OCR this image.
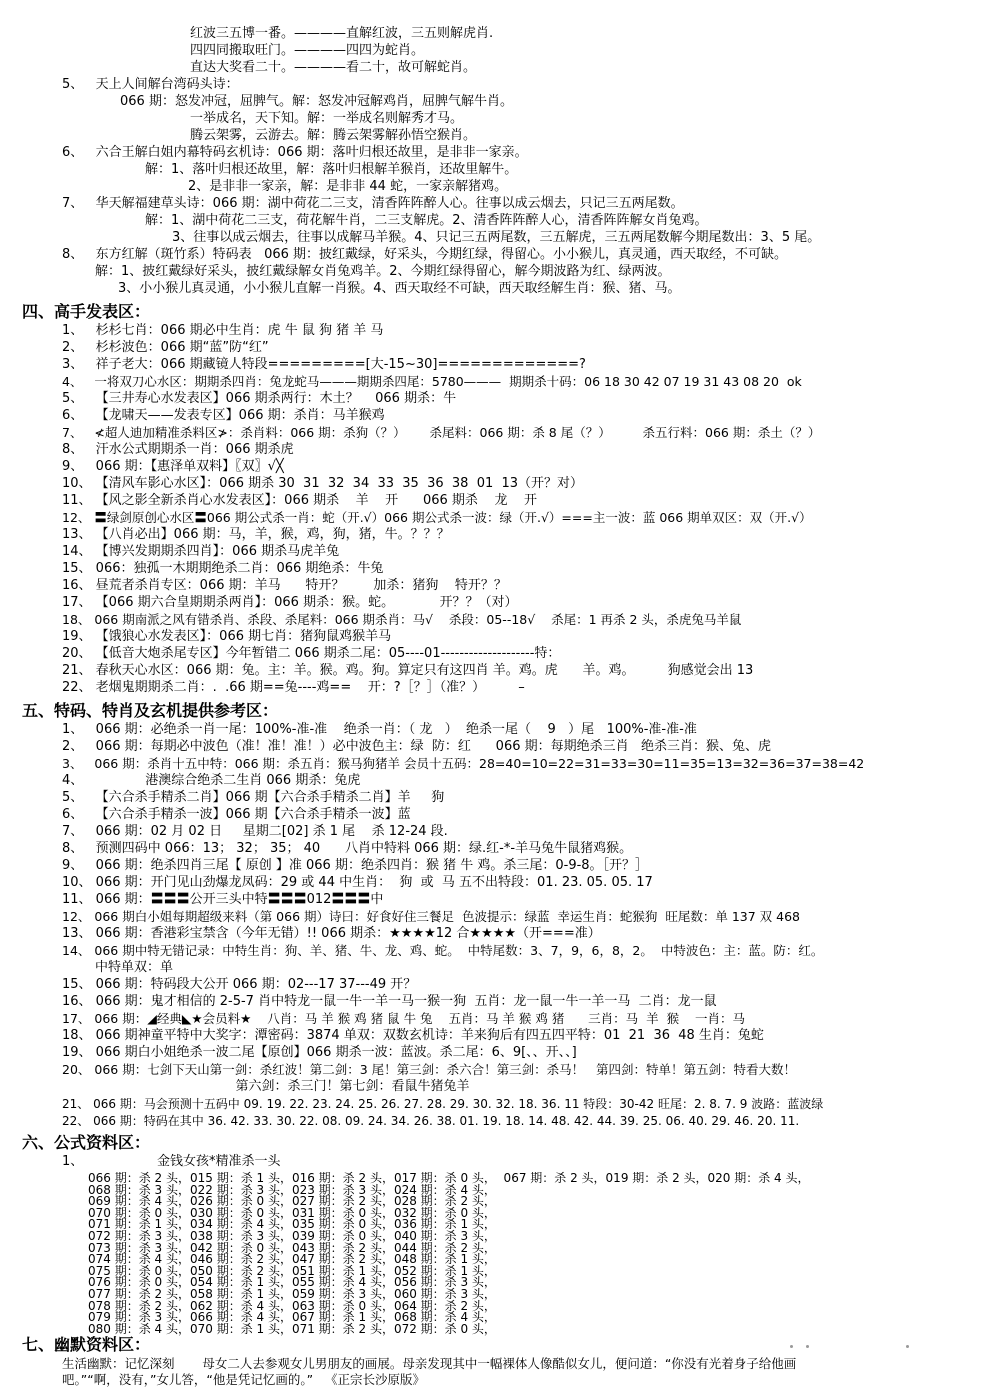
红波三五博一番。————直解红波，三五则解虎肖.
四四同搬取旺门。————四四为蛇肖。
直达大奖看二十。————看二十，故可解蛇肖。
5、   天上人间解台湾码头诗：
066 期：怒发冲冠，屈脾气。解：怒发冲冠解鸡肖，屈脾气解牛肖。
一举成名，天下知。解：一举成名则解秀才马。
腾云架雾，云游去。解：腾云架雾解孙悟空猴肖。
6、   六合王解白姐内幕特码玄机诗：066 期：落叶归根还故里，是非非一家亲。
解：1、落叶归根还故里，解：落叶归根解羊猴肖，还故里解牛。
2、是非非一家亲，解：是非非 44 蛇，一家亲解猪鸡。
7、   华天解福建草头诗：066 期：湖中荷花二三支，清香阵阵醉人心。往事以成云烟去，只记三五两尾数。
解：1、湖中荷花二三支，荷花解牛肖，二三支解虎。2、清香阵阵醉人心，清香阵阵解女肖兔鸡。
3、往事以成云烟去，往事以成解马羊猴。4、只记三五两尾数，三五解虎，三五两尾数解今期尾数出：3、5 尾。
8、   东方红解（斑竹系）特码表   066 期：披红戴绿，好采头，今期红绿，得留心。小小猴儿，真灵通，西天取经，不可缺。
解：1、披红戴绿好采头，披红戴绿解女肖兔鸡羊。2、今期红绿得留心，解今期波路为红、绿两波。
3、小小猴儿真灵通，小小猴儿直解一肖猴。4、西天取经不可缺，西天取经解生肖：猴、猪、马。
四、高手发表区：
1、   杉杉七肖：066 期必中生肖：虎 牛 鼠 狗 猪 羊 马
2、   杉杉波色：066 期“蓝”防“红”
3、   祥子老大：066 期藏镜人特段=========[大-15~30]=============?
4、   一将双刀心水区：期期杀四肖：兔龙蛇马———期期杀四尾：5780———  期期杀十码：06 18 30 42 07 19 31 43 08 20  ok
5、   【三井寿心水发表区】066 期杀两行：木土？    066 期杀：牛
6、   【龙啸天——发表专区】066 期：杀肖：马羊猴鸡
7、   ≮超人迪加精准杀料区≯：杀肖料：066 期：杀狗（？）      杀尾料：066 期：杀 8 尾（？）        杀五行料：066 期：杀土（？）
8、   汗水公式期期杀一肖：066 期杀虎
9、   066 期：【惠泽单双料】〖双〗√╳
10、 【清风车影心水区】：066 期杀 30  31  32  34  33  35  36  38  01  13（开？对）
11、 【风之影全新杀肖心水发表区】：066 期杀    羊    开      066 期杀    龙    开
12、 〓绿剑原创心水区〓066 期公式杀一肖：蛇（开.√）066 期公式杀一波：绿（开.√）===主一波：蓝 066 期单双区：双（开.√）
13、 【八肖必出】066 期：马，羊，猴，鸡，狗，猪，牛。？？？
14、 【博兴发期期杀四肖】：066 期杀马虎羊兔
15、 066：独孤一木期期绝杀二肖：066 期绝杀：牛兔
16、 昼荒者杀肖专区：066 期：羊马      特开？       加杀：猪狗    特开？？
17、 【066 期六合皇期期杀两肖】：066 期杀：猴。蛇。           开？？（对）
18、 066 期南派之风有错杀肖、杀段、杀尾料：066 期杀肖：马√    杀段：05--18√    杀尾：1 再杀 2 头，杀虎兔马羊鼠
19、 【饿狼心水发表区】：066 期七肖：猪狗鼠鸡猴羊马
20、 【低音大炮杀尾专区】今年暂错二 066 期杀二尾：05----01--------------------特：
21、 春秋天心水区：066 期：兔。主：羊。猴。鸡。狗。算定只有这四肖 羊。鸡。虎      羊。鸡。        狗感觉会出 13
22、 老烟鬼期期杀二肖：.  .66 期==兔----鸡==    开：?［？］（准？）        –
五、特码、特肖及玄机提供参考区：
1、   066 期：必绝杀一肖一尾：100%-准-准    绝杀一肖：（ 龙   ）  绝杀一尾（    9   ）尾   100%-准-准-准
2、   066 期：每期必中波色（准！准！准！）必中波色主：绿  防：红      066 期：每期绝杀三肖   绝杀三肖：猴、兔、虎
3、   066 期：杀肖十五中特：066 期：杀五肖：猴马狗猪羊 会员十五码：28=40=10=22=31=33=30=11=35=13=32=36=37=38=42
4、               港澳综合绝杀二生肖 066 期杀：兔虎
5、   【六合杀手精杀二肖】066 期【六合杀手精杀二肖】羊     狗
6、   【六合杀手精杀一波】066 期【六合杀手精杀一波】蓝
7、   066 期：02 月 02 日     星期二[02] 杀 1 尾    杀 12-24 段.
8、   预测四码中 066：13； 32； 35； 40      八肖中特料 066 期：绿.红-*-羊马兔牛鼠猪鸡猴。
9、   066 期：绝杀四肖三尾【 原创 】准 066 期：绝杀四肖：猴 猪 牛 鸡。杀三尾：0-9-8。［开？］
10、 066 期：开门见山劲爆龙凤码：29 或 44 中生肖：  狗  或  马 五不出特段：01. 23. 05. 05. 17
11、 066 期：〓〓〓公开三头中特〓〓〓012〓〓〓中
12、 066 期白小姐每期超级来料（第 066 期）诗曰：好食好住三餐足  色波提示：绿蓝  幸运生肖：蛇猴狗  旺尾数：单 137 双 468
13、 066 期：香港彩宝禁含（今年无错）!! 066 期杀：★★★★12 合★★★★（开===准）
14、 066 期中特无错记录：中特生肖：狗、羊、猪、牛、龙、鸡、蛇。  中特尾数：3、7，9，6，8，2。  中特波色：主：蓝。防：红。
中特单双：单
15、 066 期：特码段大公开 066 期：02---17 37---49 开？
16、 066 期：鬼才相信的 2-5-7 肖中特龙一鼠一牛一羊一马一猴一狗  五肖：龙一鼠一牛一羊一马  二肖：龙一鼠
17、 066 期：◢经典◣★会员料★    八肖：马 羊 猴 鸡 猪 鼠 牛 兔    五肖：马 羊 猴 鸡 猪      三肖：马  羊  猴    一肖：马
18、 066 期神童平特中大奖字：潭密码：3874 单双：双数玄机诗：羊来狗后有四五四平特：01  21  36  48 生肖：兔蛇
19、 066 期白小姐绝杀一波二尾【原创】066 期杀一波：蓝波。杀二尾：6、9[、、开、、]
20、 066 期：七剑下天山第一剑：杀红波！第二剑：3 尾！第三剑：杀六合！第三剑：杀马！   第四剑：特单！第五剑：特看大数！
第六剑：杀三门！第七剑：看鼠牛猪兔羊
21、 066 期：马会预测十五码中 09. 19. 22. 23. 24. 25. 26. 27. 28. 29. 30. 32. 18. 36. 11 特段：30-42 旺尾：2. 8. 7. 9 波路：蓝波绿
22、 066 期：特码在其中 36. 42. 33. 30. 22. 08. 09. 24. 34. 26. 38. 01. 19. 18. 14. 48. 42. 44. 39. 25. 06. 40. 29. 46. 20. 11.
六、公式资料区：
1、	金钱女孩*精准杀一头
066 期：杀 2 头，015 期：杀 1 头，016 期：杀 2 头，017 期：杀 0 头，  067 期：杀 2 头，019 期：杀 2 头，020 期：杀 4 头，
068 期：杀 3 头，022 期：杀 3 头，023 期：杀 3 头，024 期：杀 4 头，
069 期：杀 4 头，026 期：杀 0 头，027 期：杀 2 头，028 期：杀 2 头，
070 期：杀 0 头，030 期：杀 0 头，031 期：杀 0 头，032 期：杀 0 头，
071 期：杀 1 头，034 期：杀 4 头，035 期：杀 0 头，036 期：杀 1 头，
072 期：杀 3 头，038 期：杀 3 头，039 期：杀 0 头，040 期：杀 3 头，
073 期：杀 3 头，042 期：杀 0 头，043 期：杀 2 头，044 期：杀 2 头，
074 期：杀 4 头，046 期：杀 2 头，047 期：杀 2 头，048 期：杀 1 头，
075 期：杀 0 头，050 期：杀 2 头，051 期：杀 1 头，052 期：杀 1 头，
076 期：杀 0 头，054 期：杀 1 头，055 期：杀 4 头，056 期：杀 3 头，
077 期：杀 2 头，058 期：杀 1 头，059 期：杀 3 头，060 期：杀 3 头，
078 期：杀 2 头，062 期：杀 4 头，063 期：杀 0 头，064 期：杀 2 头，
079 期：杀 3 头，066 期：杀 4 头，067 期：杀 1 头，068 期：杀 4 头，
080 期：杀 4 头，070 期：杀 1 头，071 期：杀 2 头，072 期：杀 0 头，
七、幽默资料区：
生活幽默：记忆深刻       母女二人去参观女儿男朋友的画展。母亲发现其中一幅裸体人像酷似女儿，便问道：“你没有光着身子给他画
吧。”“啊，没有，”女儿答，“他是凭记忆画的。”   《正宗长沙原版》
